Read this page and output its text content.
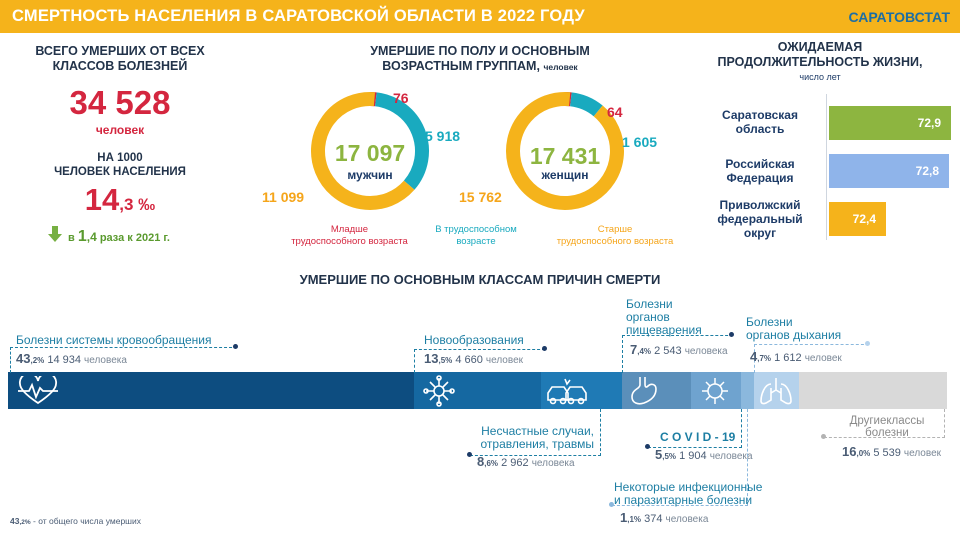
СМЕРТНОСТЬ НАСЕЛЕНИЯ В САРАТОВСКОЙ ОБЛАСТИ В 2022 ГОДУ	САРАТОВСТАТ
ВСЕГО УМЕРШИХ ОТ ВСЕХ
КЛАССОВ БОЛЕЗНЕЙ
34 528
человек
НА 1000
ЧЕЛОВЕК НАСЕЛЕНИЯ
14,3 ‰
в 1,4 раза к 2021 г.
УМЕРШИЕ ПО ПОЛУ И ОСНОВНЫМ
ВОЗРАСТНЫМ ГРУППАМ, человек
17 097
мужчин
76
5 918
11 099
17 431
женщин
64
1 605
15 762
Младше
трудоспособного возраста
В трудоспособном
возрасте
Старше
трудоспособного возраста
ОЖИДАЕМАЯ
ПРОДОЛЖИТЕЛЬНОСТЬ ЖИЗНИ,
число лет
Саратовская
область	72,9
Российская
Федерация	72,8
Приволжский
федеральный
округ
72,4
УМЕРШИЕ ПО ОСНОВНЫМ КЛАССАМ ПРИЧИН СМЕРТИ
Болезни системы кровообращения
43,2% 14 934 человека
Новообразования
13,5% 4 660 человек
Несчастные случаи,
отравления, травмы
8,6% 2 962 человека
Болезни
органов
пищеварения
7,4% 2 543 человека
C O V I D - 19
5,5% 1 904 человека
Некоторые инфекционные
и паразитарные болезни
1,1% 374 человека
Болезни
органов дыхания
4,7% 1 612 человек
Другиеклассы
болезни
16,0% 5 539 человек
43,2% - от общего числа умерших
